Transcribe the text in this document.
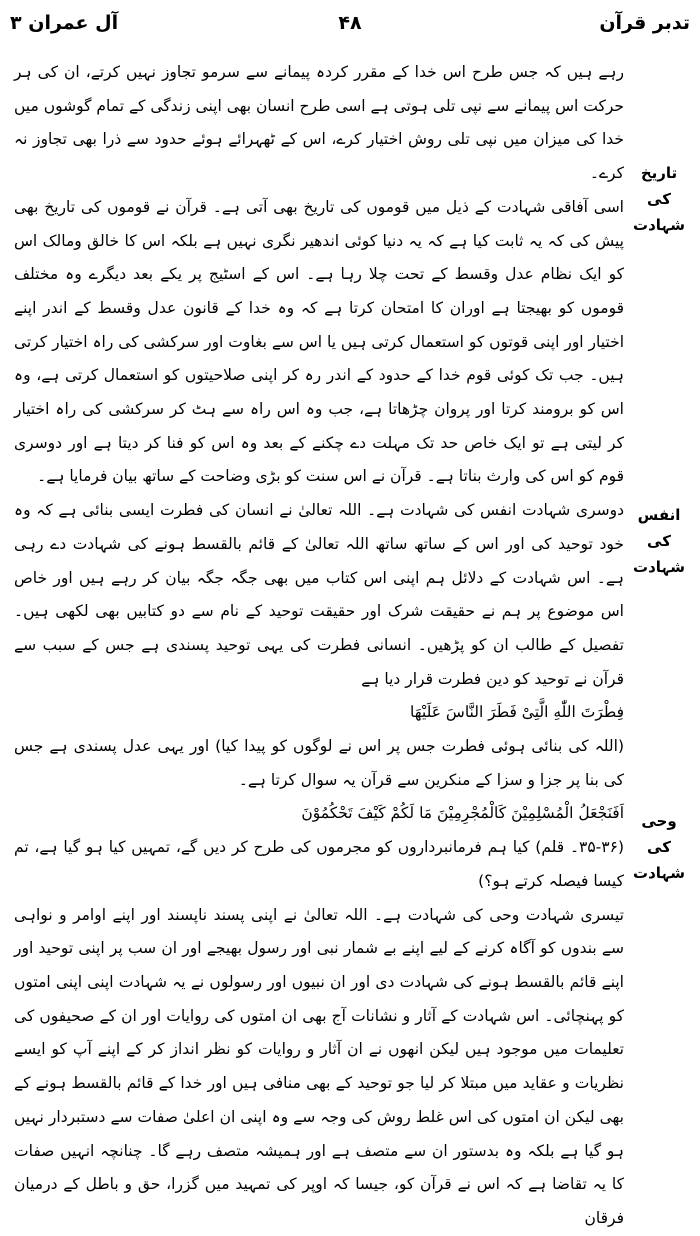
تدبر قرآن
۴۸
آل عمران ۳
تاریخ کی
شہادت
انفس کی
شہادت
وحی کی
شہادت

رہے ہیں کہ جس طرح اس خدا کے مقرر کردہ پیمانے سے سرمو تجاوز نہیں کرتے، ان کی ہر حرکت اس پیمانے سے نپی تلی ہوتی ہے اسی طرح انسان بھی اپنی زندگی کے تمام گوشوں میں خدا کی میزان میں نپی تلی روش اختیار کرے، اس کے ٹھہرائے ہوئے حدود سے ذرا بھی تجاوز نہ کرے۔

اسی آفاقی شہادت کے ذیل میں قوموں کی تاریخ بھی آتی ہے۔ قرآن نے قوموں کی تاریخ بھی پیش کی کہ یہ ثابت کیا ہے کہ یہ دنیا کوئی اندھیر نگری نہیں ہے بلکہ اس کا خالق ومالک اس کو ایک نظام عدل وقسط کے تحت چلا رہا ہے۔ اس کے اسٹیج پر یکے بعد دیگرے وہ مختلف قوموں کو بھیجتا ہے اوران کا امتحان کرتا ہے کہ وہ خدا کے قانون عدل وقسط کے اندر اپنے اختیار اور اپنی قوتوں کو استعمال کرتی ہیں یا اس سے بغاوت اور سرکشی کی راہ اختیار کرتی ہیں۔ جب تک کوئی قوم خدا کے حدود کے اندر رہ کر اپنی صلاحیتوں کو استعمال کرتی ہے، وہ اس کو برومند کرتا اور پروان چڑھاتا ہے، جب وہ اس راہ سے ہٹ کر سرکشی کی راہ اختیار کر لیتی ہے تو ایک خاص حد تک مہلت دے چکنے کے بعد وہ اس کو فنا کر دیتا ہے اور دوسری قوم کو اس کی وارث بناتا ہے۔ قرآن نے اس سنت کو بڑی وضاحت کے ساتھ بیان فرمایا ہے۔

دوسری شہادت انفس کی شہادت ہے۔ اللہ تعالیٰ نے انسان کی فطرت ایسی بنائی ہے کہ وہ خود توحید کی اور اس کے ساتھ ساتھ اللہ تعالیٰ کے قائم بالقسط ہونے کی شہادت دے رہی ہے۔ اس شہادت کے دلائل ہم اپنی اس کتاب میں بھی جگہ جگہ بیان کر رہے ہیں اور خاص اس موضوع پر ہم نے حقیقت شرک اور حقیقت توحید کے نام سے دو کتابیں بھی لکھی ہیں۔ تفصیل کے طالب ان کو پڑھیں۔ انسانی فطرت کی یہی توحید پسندی ہے جس کے سبب سے قرآن نے توحید کو دین فطرت قرار دیا ہے

فِطْرَتَ اللّٰهِ الَّتِیْ فَطَرَ النَّاسَ عَلَیْهَا

(اللہ کی بنائی ہوئی فطرت جس پر اس نے لوگوں کو پیدا کیا) اور یہی عدل پسندی ہے جس کی بنا پر جزا و سزا کے منکرین سے قرآن یہ سوال کرتا ہے۔

اَفَنَجْعَلُ الْمُسْلِمِیْنَ كَالْمُجْرِمِیْنَ مَا لَكُمْ كَیْفَ تَحْكُمُوْنَ

(۳۵-۳۶۔ قلم) کیا ہم فرمانبرداروں کو مجرموں کی طرح کر دیں گے، تمہیں کیا ہو گیا ہے، تم کیسا فیصلہ کرتے ہو؟)

تیسری شہادت وحی کی شہادت ہے۔ اللہ تعالیٰ نے اپنی پسند ناپسند اور اپنے اوامر و نواہی سے بندوں کو آگاہ کرنے کے لیے اپنے بے شمار نبی اور رسول بھیجے اور ان سب پر اپنی توحید اور اپنے قائم بالقسط ہونے کی شہادت دی اور ان نبیوں اور رسولوں نے یہ شہادت اپنی اپنی امتوں کو پہنچائی۔ اس شہادت کے آثار و نشانات آج بھی ان امتوں کی روایات اور ان کے صحیفوں کی تعلیمات میں موجود ہیں لیکن انھوں نے ان آثار و روایات کو نظر انداز کر کے اپنے آپ کو ایسے نظریات و عقاید میں مبتلا کر لیا جو توحید کے بھی منافی ہیں اور خدا کے قائم بالقسط ہونے کے بھی لیکن ان امتوں کی اس غلط روش کی وجہ سے وہ اپنی ان اعلیٰ صفات سے دستبردار نہیں ہو گیا ہے بلکہ وہ بدستور ان سے متصف ہے اور ہمیشہ متصف رہے گا۔ چنانچہ انہیں صفات کا یہ تقاضا ہے کہ اس نے قرآن کو، جیسا کہ اوپر کی تمہید میں گزرا، حق و باطل کے درمیان فرقان
